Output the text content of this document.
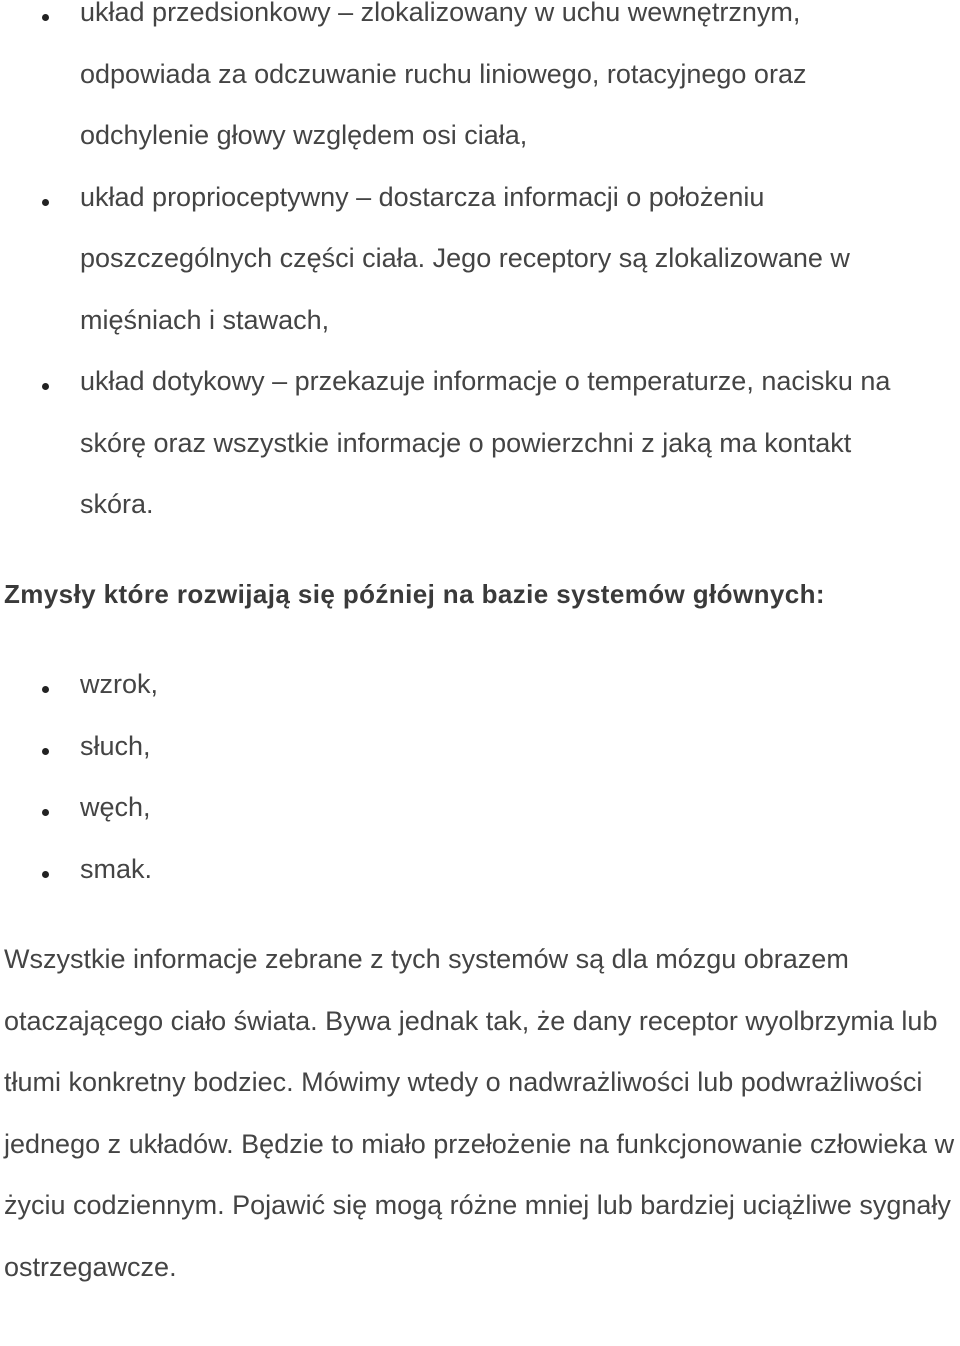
układ przedsionkowy – zlokalizowany w uchu wewnętrznym, odpowiada za odczuwanie ruchu liniowego, rotacyjnego oraz odchylenie głowy względem osi ciała,
układ proprioceptywny – dostarcza informacji o położeniu poszczególnych części ciała. Jego receptory są zlokalizowane w mięśniach i stawach,
układ dotykowy – przekazuje informacje o temperaturze, nacisku na skórę oraz wszystkie informacje o powierzchni z jaką ma kontakt skóra.
Zmysły które rozwijają się później na bazie systemów głównych:
wzrok,
słuch,
węch,
smak.

Wszystkie informacje zebrane z tych systemów są dla mózgu obrazem otaczającego ciało świata. Bywa jednak tak, że dany receptor wyolbrzymia lub tłumi konkretny bodziec. Mówimy wtedy o nadwrażliwości lub podwrażliwości jednego z układów. Będzie to miało przełożenie na funkcjonowanie człowieka w życiu codziennym. Pojawić się mogą różne mniej lub bardziej uciążliwe sygnały ostrzegawcze.
